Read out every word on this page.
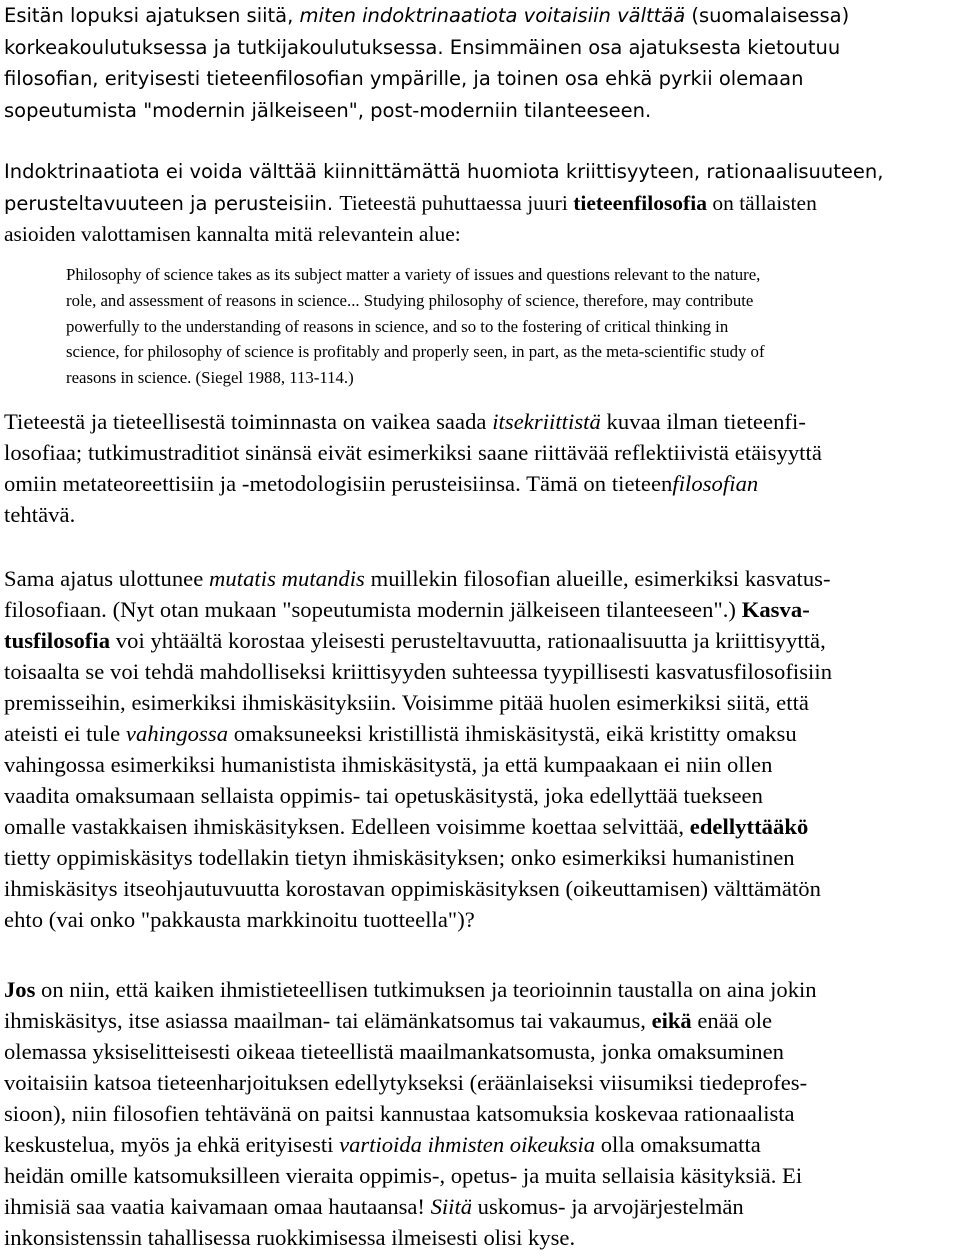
Esitän lopuksi ajatuksen siitä, miten indoktrinaatiota voitaisiin välttää (suomalaisessa)
korkeakoulutuksessa ja tutkijakoulutuksessa. Ensimmäinen osa ajatuksesta kietoutuu
filosofian, erityisesti tieteenfilosofian ympärille, ja toinen osa ehkä pyrkii olemaan
sopeutumista "modernin jälkeiseen", post-moderniin tilanteeseen.

Indoktrinaatiota ei voida välttää kiinnittämättä huomiota kriittisyyteen, rationaalisuuteen,
perusteltavuuteen ja perusteisiin. Tieteestä puhuttaessa juuri tieteenfilosofia on tällaisten
asioiden valottamisen kannalta mitä relevantein alue:

Philosophy of science takes as its subject matter a variety of issues and questions relevant to the nature,
role, and assessment of reasons in science... Studying philosophy of science, therefore, may contribute
powerfully to the understanding of reasons in science, and so to the fostering of critical thinking in
science, for philosophy of science is profitably and properly seen, in part, as the meta-scientific study of
reasons in science. (Siegel 1988, 113-114.)

Tieteestä ja tieteellisestä toiminnasta on vaikea saada itsekriittistä kuvaa ilman tieteenfi-
losofiaa; tutkimustraditiot sinänsä eivät esimerkiksi saane riittävää reflektiivistä etäisyyttä
omiin metateoreettisiin ja -metodologisiin perusteisiinsa. Tämä on tieteenfilosofian
tehtävä.

Sama ajatus ulottunee mutatis mutandis muillekin filosofian alueille, esimerkiksi kasvatus-
filosofiaan. (Nyt otan mukaan "sopeutumista modernin jälkeiseen tilanteeseen".) Kasva-
tusfilosofia voi yhtäältä korostaa yleisesti perusteltavuutta, rationaalisuutta ja kriittisyyttä,
toisaalta se voi tehdä mahdolliseksi kriittisyyden suhteessa tyypillisesti kasvatusfilosofisiin
premisseihin, esimerkiksi ihmiskäsityksiin. Voisimme pitää huolen esimerkiksi siitä, että
ateisti ei tule vahingossa omaksuneeksi kristillistä ihmiskäsitystä, eikä kristitty omaksu
vahingossa esimerkiksi humanistista ihmiskäsitystä, ja että kumpaakaan ei niin ollen
vaadita omaksumaan sellaista oppimis- tai opetuskäsitystä, joka edellyttää tuekseen
omalle vastakkaisen ihmiskäsityksen. Edelleen voisimme koettaa selvittää, edellyttääkö
tietty oppimiskäsitys todellakin tietyn ihmiskäsityksen; onko esimerkiksi humanistinen
ihmiskäsitys itseohjautuvuutta korostavan oppimiskäsityksen (oikeuttamisen) välttämätön
ehto (vai onko "pakkausta markkinoitu tuotteella")?

Jos on niin, että kaiken ihmistieteellisen tutkimuksen ja teorioinnin taustalla on aina jokin
ihmiskäsitys, itse asiassa maailman- tai elämänkatsomus tai vakaumus, eikä enää ole
olemassa yksiselitteisesti oikeaa tieteellistä maailmankatsomusta, jonka omaksuminen
voitaisiin katsoa tieteenharjoituksen edellytykseksi (eräänlaiseksi viisumiksi tiedeprofes-
sioon), niin filosofien tehtävänä on paitsi kannustaa katsomuksia koskevaa rationaalista
keskustelua, myös ja ehkä erityisesti vartioida ihmisten oikeuksia olla omaksumatta
heidän omille katsomuksilleen vieraita oppimis-, opetus- ja muita sellaisia käsityksiä. Ei
ihmisiä saa vaatia kaivamaan omaa hautaansa! Siitä uskomus- ja arvojärjestelmän
inkonsistenssin tahallisessa ruokkimisessa ilmeisesti olisi kyse.
